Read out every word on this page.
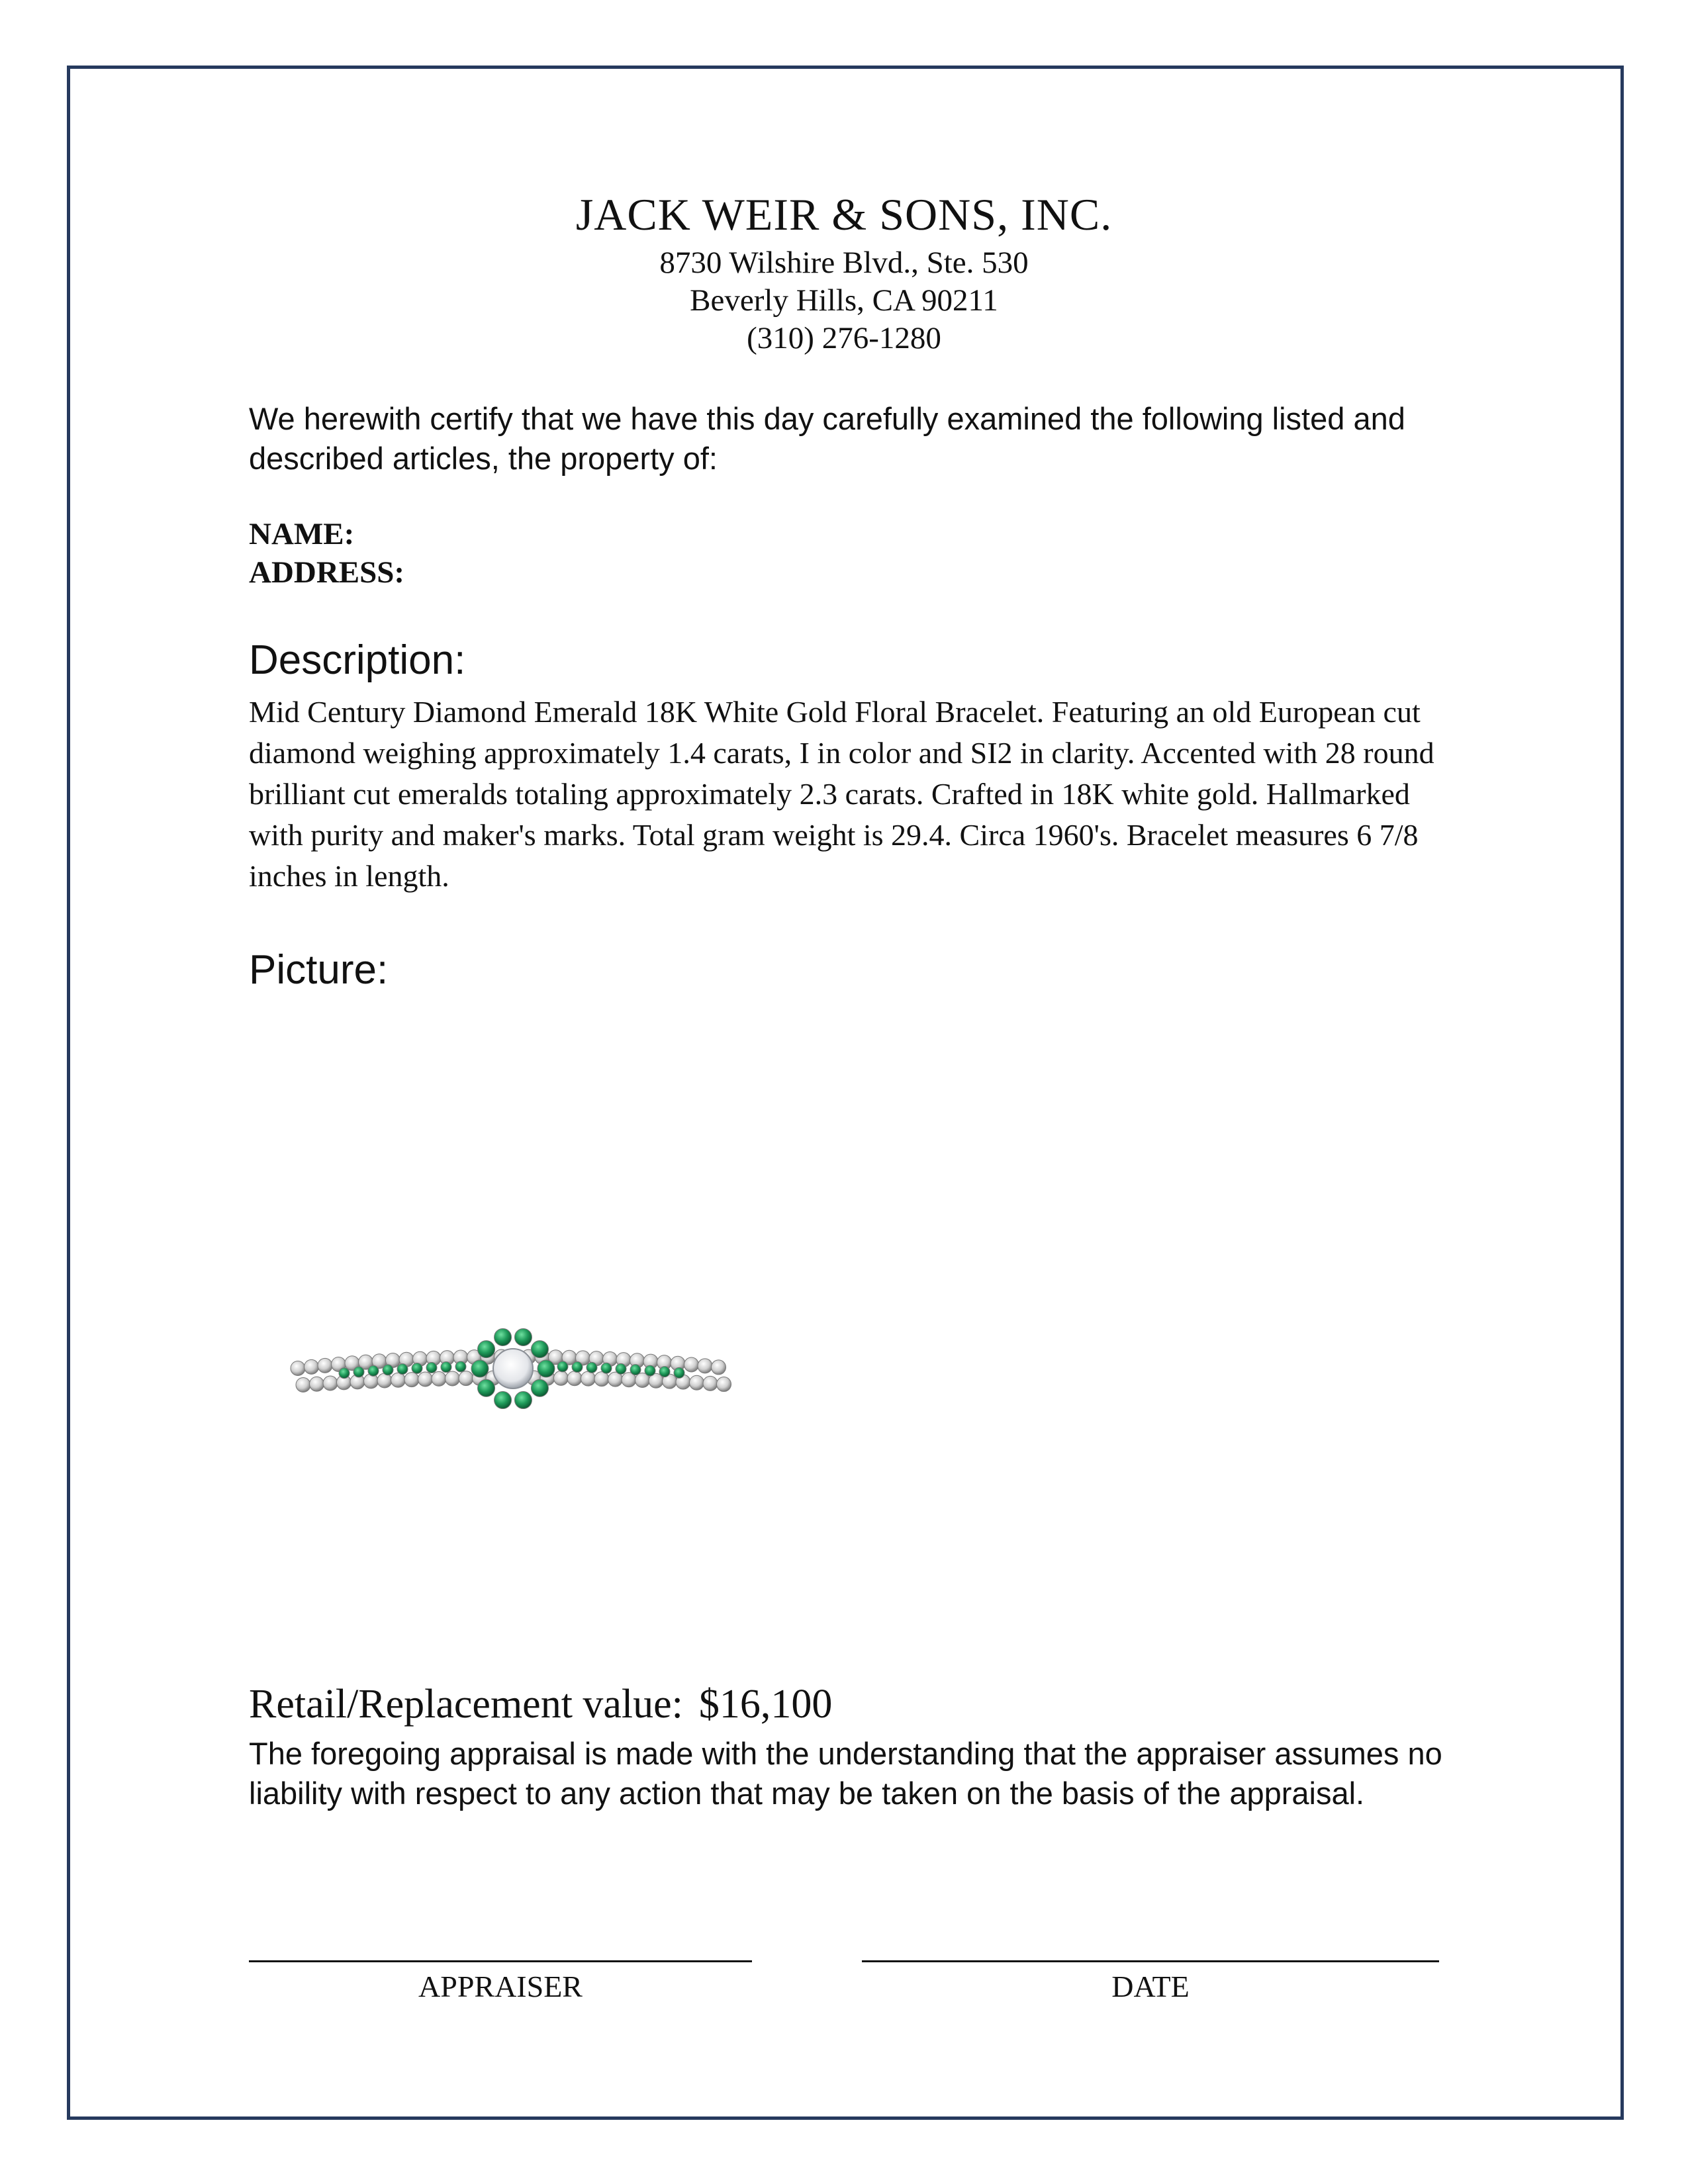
JACK WEIR & SONS, INC.
8730 Wilshire Blvd., Ste. 530
Beverly Hills, CA 90211
(310) 276-1280
We herewith certify that we have this day carefully examined the following listed and described articles, the property of:
NAME:
ADDRESS:
Description:
Mid Century Diamond Emerald 18K White Gold Floral Bracelet. Featuring an old European cut diamond weighing approximately 1.4 carats, I in color and SI2 in clarity. Accented with 28 round brilliant cut emeralds totaling approximately 2.3 carats. Crafted in 18K white gold. Hallmarked with purity and maker's marks. Total gram weight is 29.4. Circa 1960's. Bracelet measures 6 7/8 inches in length.
Picture:
Retail/Replacement value: $16,100
The foregoing appraisal is made with the understanding that the appraiser assumes no liability with respect to any action that may be taken on the basis of the appraisal.
APPRAISER	DATE
